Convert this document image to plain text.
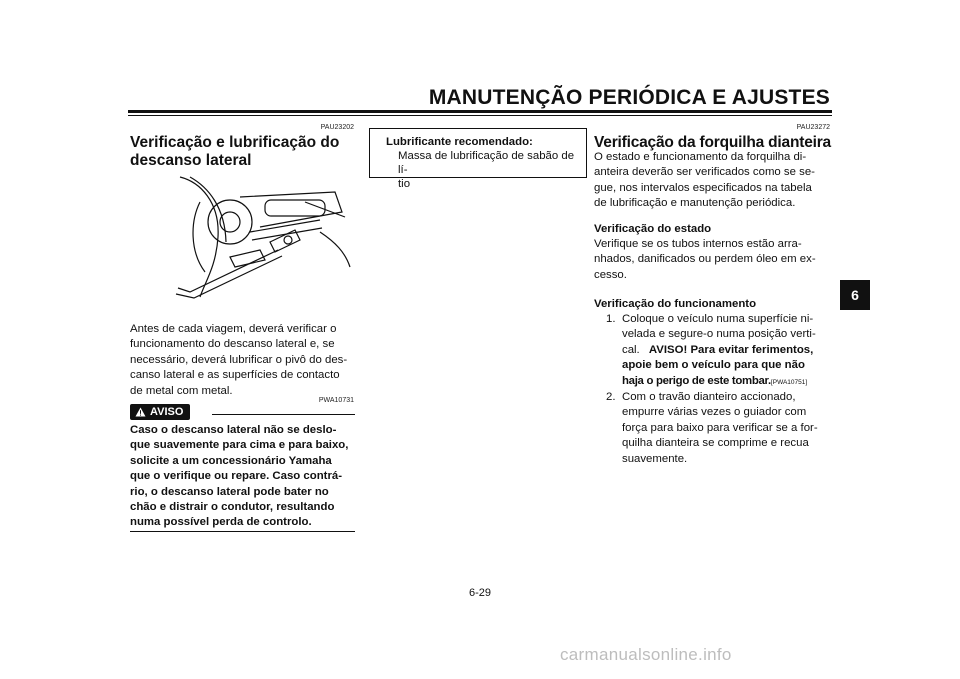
MANUTENÇÃO PERIÓDICA E AJUSTES
6
PAU23202
Verificação e lubrificação do
descanso lateral
Antes de cada viagem, deverá verificar o
funcionamento do descanso lateral e, se
necessário, deverá lubrificar o pivô do des-
canso lateral e as superfícies de contacto
de metal com metal.
AVISO
PWA10731
Caso o descanso lateral não se deslo-
que suavemente para cima e para baixo,
solicite a um concessionário Yamaha
que o verifique ou repare. Caso contrá-
rio, o descanso lateral pode bater no
chão e distrair o condutor, resultando
numa possível perda de controlo.
Lubrificante recomendado:
Massa de lubrificação de sabão de lí-
tio
PAU23272
Verificação da forquilha dianteira
O estado e funcionamento da forquilha di-
anteira deverão ser verificados como se se-
gue, nos intervalos especificados na tabela
de lubrificação e manutenção periódica.
Verificação do estado
Verifique se os tubos internos estão arra-
nhados, danificados ou perdem óleo em ex-
cesso.
Verificação do funcionamento
1. Coloque o veículo numa superfície ni-
velada e segure-o numa posição verti-
cal. AVISO! Para evitar ferimentos,
apoie bem o veículo para que não
haja o perigo de este tombar.[PWA10751]
2. Com o travão dianteiro accionado,
empurre várias vezes o guiador com
força para baixo para verificar se a for-
quilha dianteira se comprime e recua
suavemente.
6-29
carmanualsonline.info
